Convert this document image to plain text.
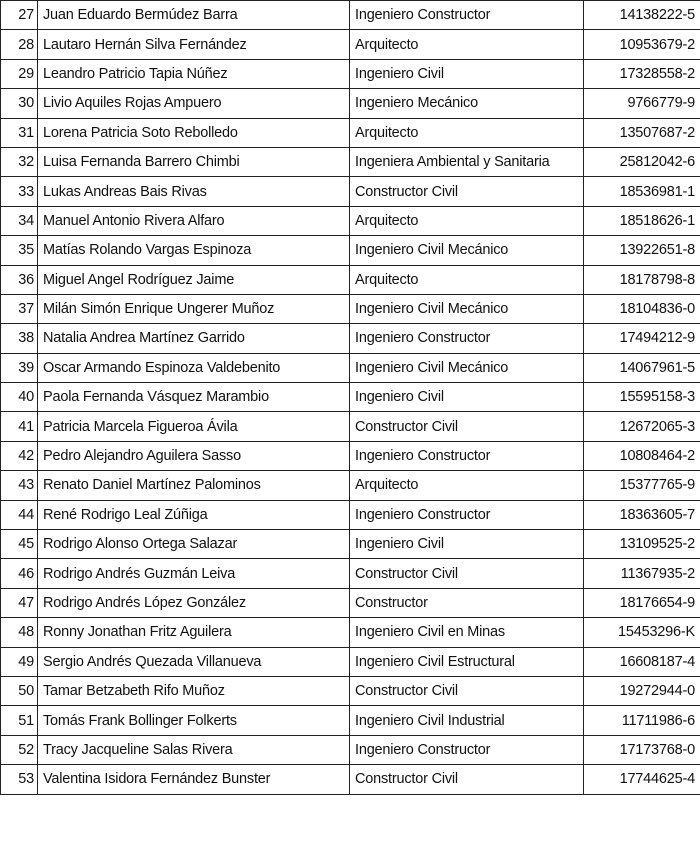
27	Juan Eduardo Bermúdez Barra	Ingeniero Constructor	14138222-5
28	Lautaro Hernán Silva Fernández	Arquitecto	10953679-2
29	Leandro Patricio Tapia Núñez	Ingeniero Civil	17328558-2
30	Livio Aquiles Rojas Ampuero	Ingeniero Mecánico	9766779-9
31	Lorena Patricia Soto Rebolledo	Arquitecto	13507687-2
32	Luisa Fernanda Barrero Chimbi	Ingeniera Ambiental y Sanitaria	25812042-6
33	Lukas Andreas Bais Rivas	Constructor Civil	18536981-1
34	Manuel Antonio Rivera Alfaro	Arquitecto	18518626-1
35	Matías Rolando Vargas Espinoza	Ingeniero Civil Mecánico	13922651-8
36	Miguel Angel Rodríguez Jaime	Arquitecto	18178798-8
37	Milán Simón Enrique Ungerer Muñoz	Ingeniero Civil Mecánico	18104836-0
38	Natalia Andrea Martínez Garrido	Ingeniero Constructor	17494212-9
39	Oscar Armando Espinoza Valdebenito	Ingeniero Civil Mecánico	14067961-5
40	Paola Fernanda Vásquez Marambio	Ingeniero Civil	15595158-3
41	Patricia Marcela Figueroa Ávila	Constructor Civil	12672065-3
42	Pedro Alejandro Aguilera Sasso	Ingeniero Constructor	10808464-2
43	Renato Daniel Martínez Palominos	Arquitecto	15377765-9
44	René Rodrigo Leal Zúñiga	Ingeniero Constructor	18363605-7
45	Rodrigo Alonso Ortega Salazar	Ingeniero Civil	13109525-2
46	Rodrigo Andrés Guzmán Leiva	Constructor Civil	11367935-2
47	Rodrigo Andrés López González	Constructor	18176654-9
48	Ronny Jonathan Fritz Aguilera	Ingeniero Civil en Minas	15453296-K
49	Sergio Andrés Quezada Villanueva	Ingeniero Civil Estructural	16608187-4
50	Tamar Betzabeth Rifo Muñoz	Constructor Civil	19272944-0
51	Tomás Frank Bollinger Folkerts	Ingeniero Civil Industrial	11711986-6
52	Tracy Jacqueline Salas Rivera	Ingeniero Constructor	17173768-0
53	Valentina Isidora Fernández Bunster	Constructor Civil	17744625-4
